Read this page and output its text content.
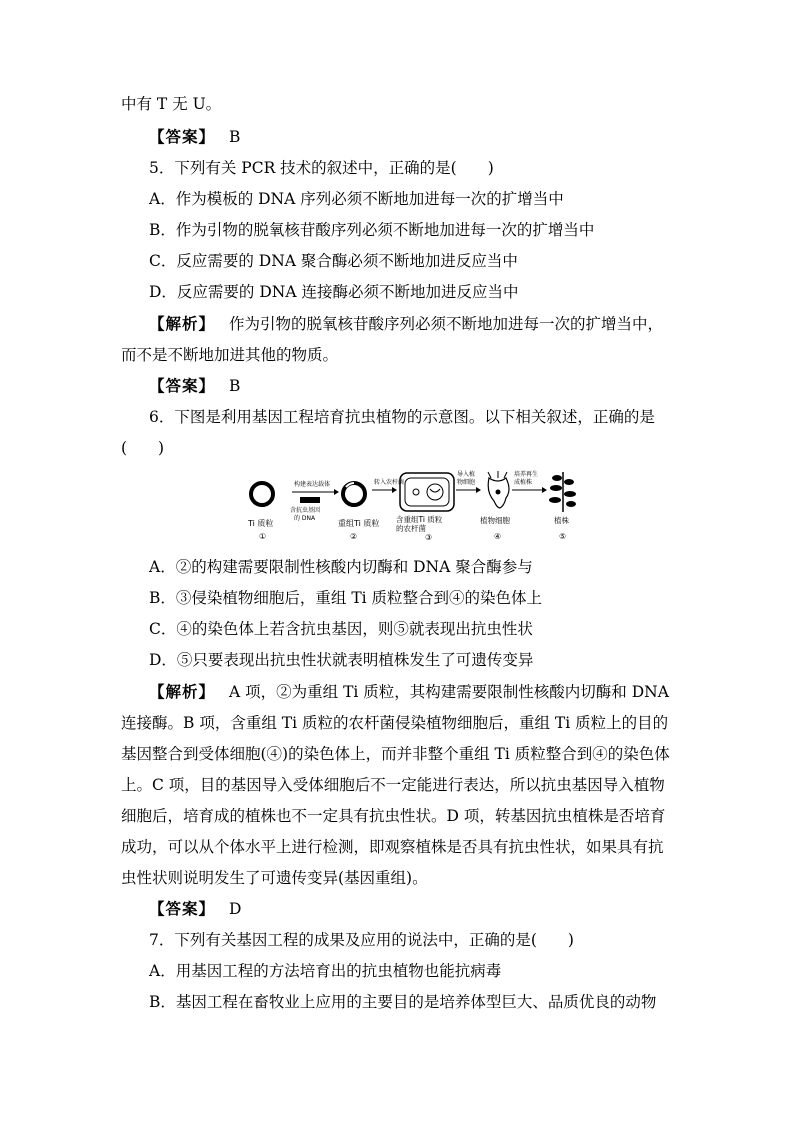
中有 T 无 U。
【答案】 B
5．下列有关 PCR 技术的叙述中，正确的是(　　)
A．作为模板的 DNA 序列必须不断地加进每一次的扩增当中
B．作为引物的脱氧核苷酸序列必须不断地加进每一次的扩增当中
C．反应需要的 DNA 聚合酶必须不断地加进反应当中
D．反应需要的 DNA 连接酶必须不断地加进反应当中
【解析】 作为引物的脱氧核苷酸序列必须不断地加进每一次的扩增当中，
而不是不断地加进其他的物质。
【答案】 B
6．下图是利用基因工程培育抗虫植物的示意图。以下相关叙述，正确的是
(　　)
Ti 质粒
①
构建表达载体
含抗虫基因
的 DNA
重组Ti 质粒
②
转入农杆菌
含重组Ti 质粒
的农杆菌
③
导入植
物细胞
植物细胞
④
培养再生
成植株
植株
⑤
A．②的构建需要限制性核酸内切酶和 DNA 聚合酶参与
B．③侵染植物细胞后，重组 Ti 质粒整合到④的染色体上
C．④的染色体上若含抗虫基因，则⑤就表现出抗虫性状
D．⑤只要表现出抗虫性状就表明植株发生了可遗传变异
【解析】 A 项，②为重组 Ti 质粒，其构建需要限制性核酸内切酶和 DNA
连接酶。B 项，含重组 Ti 质粒的农杆菌侵染植物细胞后，重组 Ti 质粒上的目的
基因整合到受体细胞(④)的染色体上，而并非整个重组 Ti 质粒整合到④的染色体
上。C 项，目的基因导入受体细胞后不一定能进行表达，所以抗虫基因导入植物
细胞后，培育成的植株也不一定具有抗虫性状。D 项，转基因抗虫植株是否培育
成功，可以从个体水平上进行检测，即观察植株是否具有抗虫性状，如果具有抗
虫性状则说明发生了可遗传变异(基因重组)。
【答案】 D
7．下列有关基因工程的成果及应用的说法中，正确的是(　　)
A．用基因工程的方法培育出的抗虫植物也能抗病毒
B．基因工程在畜牧业上应用的主要目的是培养体型巨大、品质优良的动物
